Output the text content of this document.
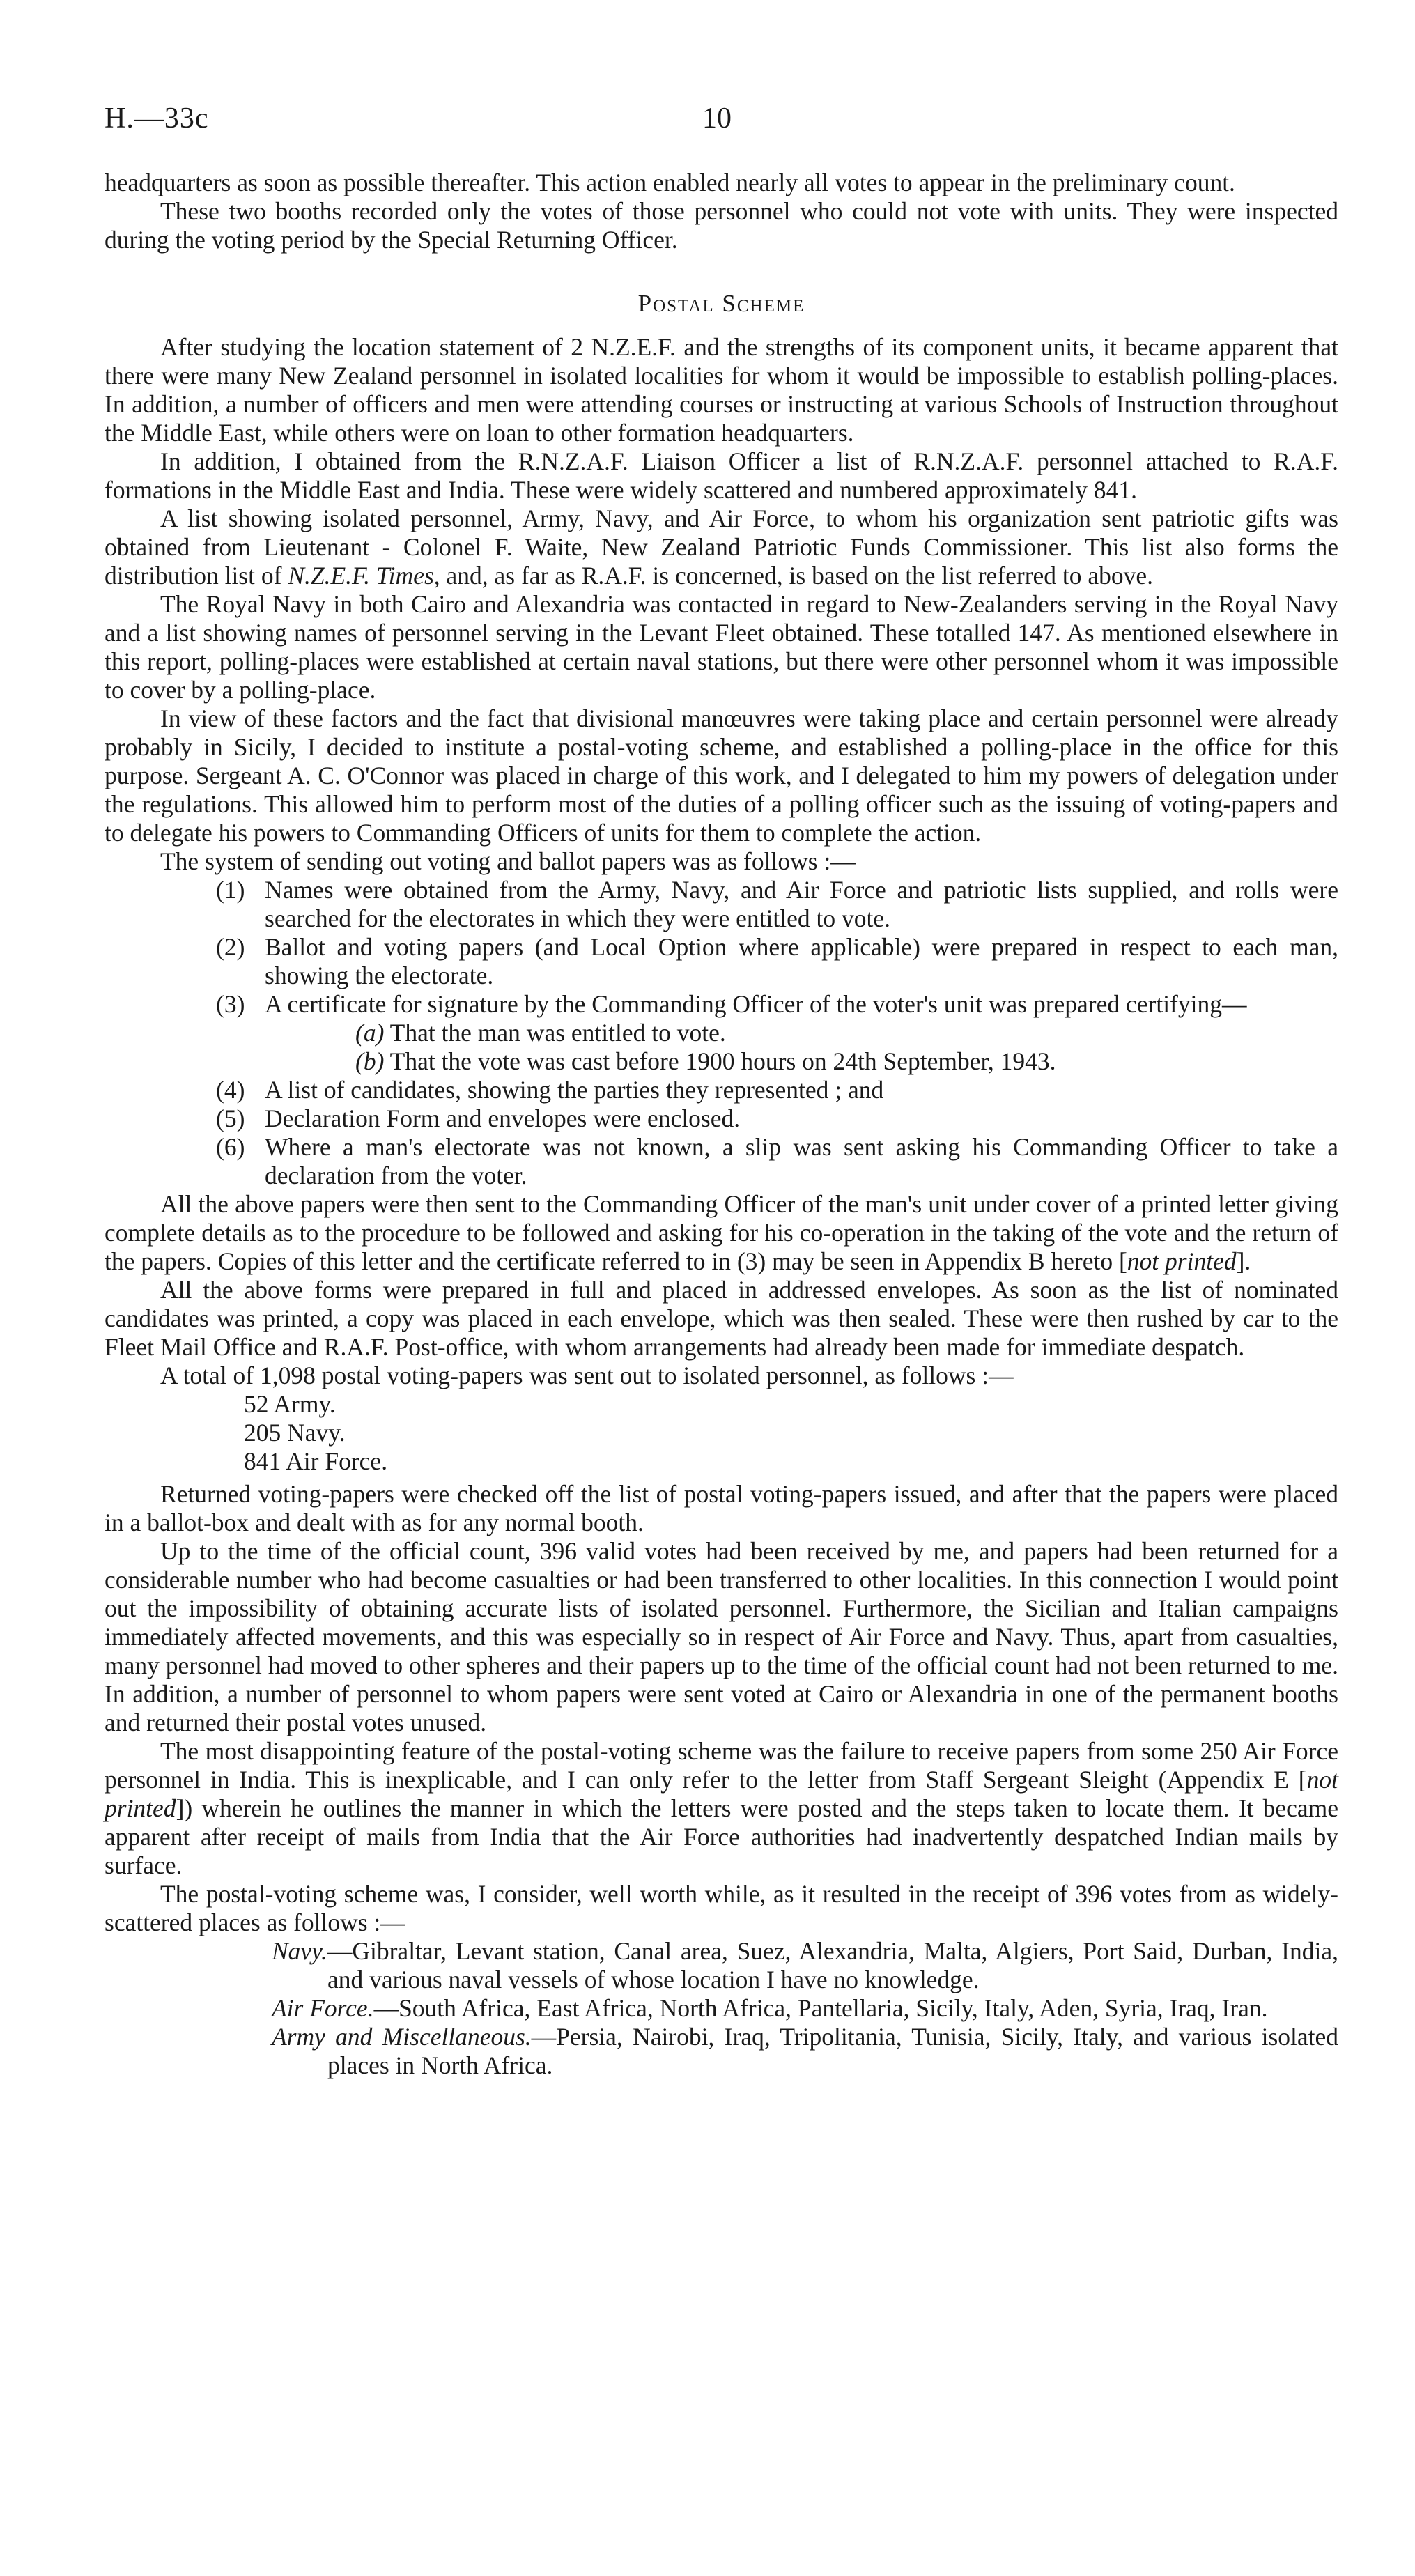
H.—33c	10

headquarters as soon as possible thereafter. This action enabled nearly all votes to appear in the preliminary count.

These two booths recorded only the votes of those personnel who could not vote with units. They were inspected during the voting period by the Special Returning Officer.

Postal Scheme

After studying the location statement of 2 N.Z.E.F. and the strengths of its component units, it became apparent that there were many New Zealand personnel in isolated localities for whom it would be impossible to establish polling-places. In addition, a number of officers and men were attending courses or instructing at various Schools of Instruction throughout the Middle East, while others were on loan to other formation headquarters.

In addition, I obtained from the R.N.Z.A.F. Liaison Officer a list of R.N.Z.A.F. personnel attached to R.A.F. formations in the Middle East and India. These were widely scattered and numbered approximately 841.

A list showing isolated personnel, Army, Navy, and Air Force, to whom his organization sent patriotic gifts was obtained from Lieutenant - Colonel F. Waite, New Zealand Patriotic Funds Commissioner. This list also forms the distribution list of N.Z.E.F. Times, and, as far as R.A.F. is concerned, is based on the list referred to above.

The Royal Navy in both Cairo and Alexandria was contacted in regard to New-Zealanders serving in the Royal Navy and a list showing names of personnel serving in the Levant Fleet obtained. These totalled 147. As mentioned elsewhere in this report, polling-places were established at certain naval stations, but there were other personnel whom it was impossible to cover by a polling-place.

In view of these factors and the fact that divisional manœuvres were taking place and certain personnel were already probably in Sicily, I decided to institute a postal-voting scheme, and established a polling-place in the office for this purpose. Sergeant A. C. O'Connor was placed in charge of this work, and I delegated to him my powers of delegation under the regulations. This allowed him to perform most of the duties of a polling officer such as the issuing of voting-papers and to delegate his powers to Commanding Officers of units for them to complete the action.

The system of sending out voting and ballot papers was as follows :—

(1) Names were obtained from the Army, Navy, and Air Force and patriotic lists supplied, and rolls were searched for the electorates in which they were entitled to vote.
(2) Ballot and voting papers (and Local Option where applicable) were prepared in respect to each man, showing the electorate.
(3) A certificate for signature by the Commanding Officer of the voter's unit was prepared certifying—
(a) That the man was entitled to vote.
(b) That the vote was cast before 1900 hours on 24th September, 1943.
(4) A list of candidates, showing the parties they represented ; and
(5) Declaration Form and envelopes were enclosed.
(6) Where a man's electorate was not known, a slip was sent asking his Commanding Officer to take a declaration from the voter.

All the above papers were then sent to the Commanding Officer of the man's unit under cover of a printed letter giving complete details as to the procedure to be followed and asking for his co-operation in the taking of the vote and the return of the papers. Copies of this letter and the certificate referred to in (3) may be seen in Appendix B hereto [not printed].

All the above forms were prepared in full and placed in addressed envelopes. As soon as the list of nominated candidates was printed, a copy was placed in each envelope, which was then sealed. These were then rushed by car to the Fleet Mail Office and R.A.F. Post-office, with whom arrangements had already been made for immediate despatch.

A total of 1,098 postal voting-papers was sent out to isolated personnel, as follows :—

52 Army.
205 Navy.
841 Air Force.

Returned voting-papers were checked off the list of postal voting-papers issued, and after that the papers were placed in a ballot-box and dealt with as for any normal booth.

Up to the time of the official count, 396 valid votes had been received by me, and papers had been returned for a considerable number who had become casualties or had been transferred to other localities. In this connection I would point out the impossibility of obtaining accurate lists of isolated personnel. Furthermore, the Sicilian and Italian campaigns immediately affected movements, and this was especially so in respect of Air Force and Navy. Thus, apart from casualties, many personnel had moved to other spheres and their papers up to the time of the official count had not been returned to me. In addition, a number of personnel to whom papers were sent voted at Cairo or Alexandria in one of the permanent booths and returned their postal votes unused.

The most disappointing feature of the postal-voting scheme was the failure to receive papers from some 250 Air Force personnel in India. This is inexplicable, and I can only refer to the letter from Staff Sergeant Sleight (Appendix E [not printed]) wherein he outlines the manner in which the letters were posted and the steps taken to locate them. It became apparent after receipt of mails from India that the Air Force authorities had inadvertently despatched Indian mails by surface.

The postal-voting scheme was, I consider, well worth while, as it resulted in the receipt of 396 votes from as widely-scattered places as follows :—

Navy.—Gibraltar, Levant station, Canal area, Suez, Alexandria, Malta, Algiers, Port Said, Durban, India, and various naval vessels of whose location I have no knowledge.
Air Force.—South Africa, East Africa, North Africa, Pantellaria, Sicily, Italy, Aden, Syria, Iraq, Iran.
Army and Miscellaneous.—Persia, Nairobi, Iraq, Tripolitania, Tunisia, Sicily, Italy, and various isolated places in North Africa.
